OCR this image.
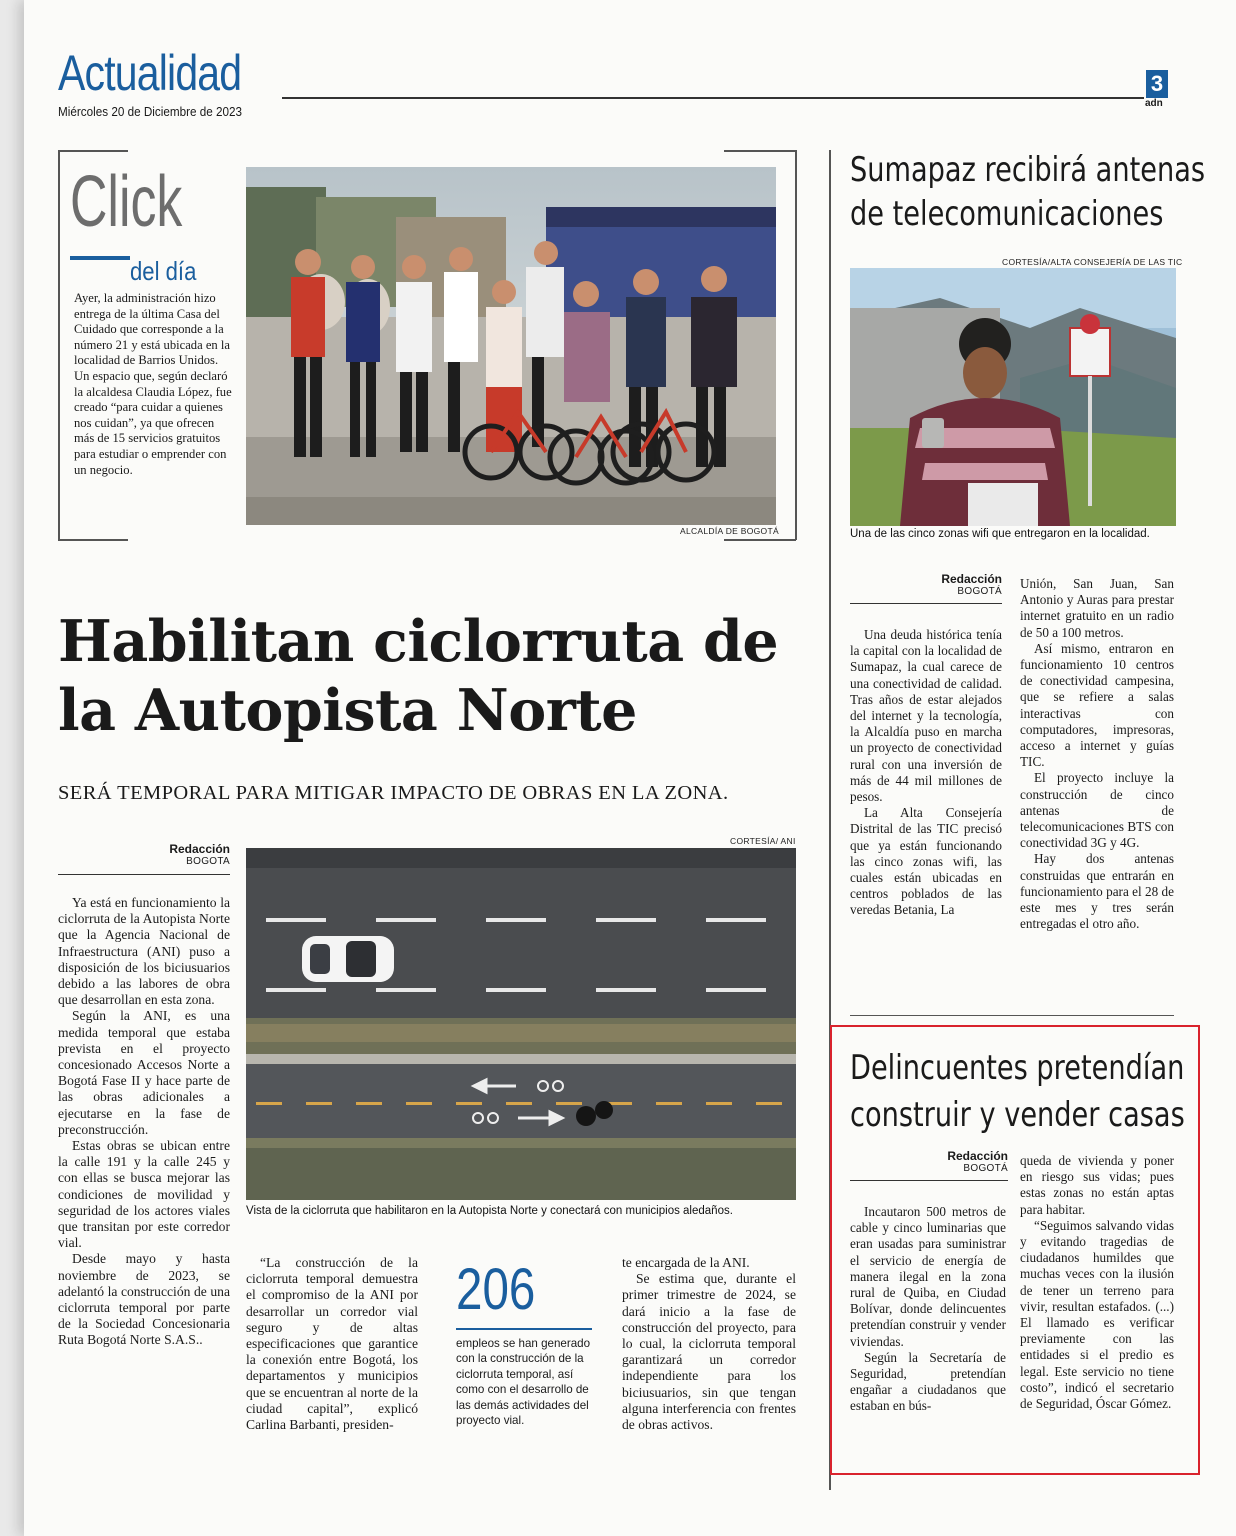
Actualidad
Miércoles 20 de Diciembre de 2023
3
adn
Click
del día
Ayer, la administración hizo entrega de la última Casa del Cuidado que corresponde a la número 21 y está ubicada en la localidad de Barrios Unidos. Un espacio que, según declaró la alcaldesa Claudia López, fue creado “para cuidar a quienes nos cuidan”, ya que ofrecen más de 15 servicios gratuitos para estudiar o emprender con un negocio.
ALCALDÍA DE BOGOTÁ
Habilitan ciclorruta de la Autopista Norte
SERÁ TEMPORAL PARA MITIGAR IMPACTO DE OBRAS EN LA ZONA.
Redacción
BOGOTA
CORTESÍA/ ANI
Vista de la ciclorruta que habilitaron en la Autopista Norte y conectará con municipios aledaños.

Ya está en funcionamiento la ciclorruta de la Autopista Norte que la Agencia Nacional de Infraestructura (ANI) puso a disposición de los biciusuarios debido a las labores de obra que desarrollan en esta zona.

Según la ANI, es una medida temporal que estaba prevista en el proyecto concesionado Accesos Norte a Bogotá Fase II y hace parte de las obras adicionales a ejecutarse en la fase de preconstrucción.

Estas obras se ubican entre la calle 191 y la calle 245 y con ellas se busca mejorar las condiciones de movilidad y seguridad de los actores viales que transitan por este corredor vial.

Desde mayo y hasta noviembre de 2023, se adelantó la construcción de una ciclorruta temporal por parte de la Sociedad Concesionaria Ruta Bogotá Norte S.A.S..

“La construcción de la ciclorruta temporal demuestra el compromiso de la ANI por desarrollar un corredor vial seguro y de altas especificaciones que garantice la conexión entre Bogotá, los departamentos y municipios que se encuentran al norte de la ciudad capital”, explicó Carlina Barbanti, presiden-

206
empleos se han generado con la construcción de la ciclorruta temporal, así como con el desarrollo de las demás actividades del proyecto vial.

te encargada de la ANI.

Se estima que, durante el primer trimestre de 2024, se dará inicio a la fase de construcción del proyecto, para lo cual, la ciclorruta temporal garantizará un corredor independiente para los biciusuarios, sin que tengan alguna interferencia con frentes de obras activos.

Sumapaz recibirá antenas
de telecomunicaciones
CORTESÍA/ALTA CONSEJERÍA DE LAS TIC
Una de las cinco zonas wifi que entregaron en la localidad.
Redacción
BOGOTÁ

Una deuda histórica tenía la capital con la localidad de Sumapaz, la cual carece de una conectividad de calidad. Tras años de estar alejados del internet y la tecnología, la Alcaldía puso en marcha un proyecto de conectividad rural con una inversión de más de 44 mil millones de pesos.

La Alta Consejería Distrital de las TIC precisó que ya están funcionando las cinco zonas wifi, las cuales están ubicadas en centros poblados de las veredas Betania, La

Unión, San Juan, San Antonio y Auras para prestar internet gratuito en un radio de 50 a 100 metros.

Así mismo, entraron en funcionamiento 10 centros de conectividad campesina, que se refiere a salas interactivas con computadores, impresoras, acceso a internet y guías TIC.

El proyecto incluye la construcción de cinco antenas de telecomunicaciones BTS con conectividad 3G y 4G.

Hay dos antenas construidas que entrarán en funcionamiento para el 28 de este mes y tres serán entregadas el otro año.

Delincuentes pretendían
construir y vender casas
Redacción
BOGOTÁ

Incautaron 500 metros de cable y cinco luminarias que eran usadas para suministrar el servicio de energía de manera ilegal en la zona rural de Quiba, en Ciudad Bolívar, donde delincuentes pretendían construir y vender viviendas.

Según la Secretaría de Seguridad, pretendían engañar a ciudadanos que estaban en bús-

queda de vivienda y poner en riesgo sus vidas; pues estas zonas no están aptas para habitar.

“Seguimos salvando vidas y evitando tragedias de ciudadanos humildes que muchas veces con la ilusión de tener un terreno para vivir, resultan estafados. (...) El llamado es verificar previamente con las entidades si el predio es legal. Este servicio no tiene costo”, indicó el secretario de Seguridad, Óscar Gómez.
